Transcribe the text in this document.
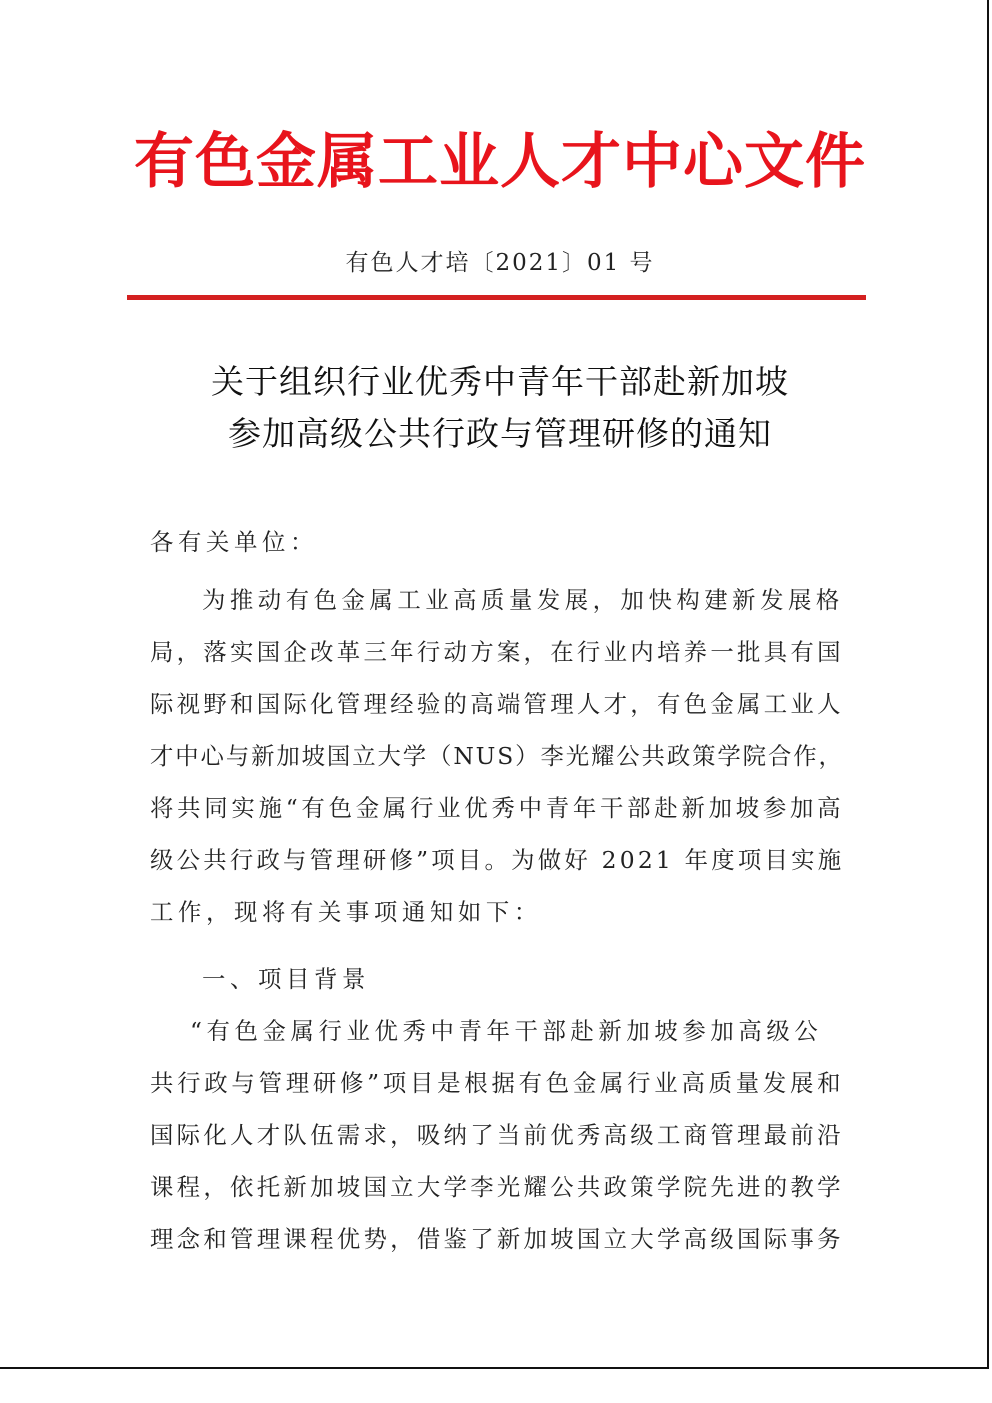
有色金属工业人才中心文件
有色人才培〔2021〕01 号
关于组织行业优秀中青年干部赴新加坡
参加高级公共行政与管理研修的通知
各有关单位：
为推动有色金属工业高质量发展，加快构建新发展格
局，落实国企改革三年行动方案，在行业内培养一批具有国
际视野和国际化管理经验的高端管理人才，有色金属工业人
才中心与新加坡国立大学（NUS）李光耀公共政策学院合作，
将共同实施“有色金属行业优秀中青年干部赴新加坡参加高
级公共行政与管理研修”项目。为做好 2021 年度项目实施
工作，现将有关事项通知如下：
一、项目背景
“有色金属行业优秀中青年干部赴新加坡参加高级公
共行政与管理研修”项目是根据有色金属行业高质量发展和
国际化人才队伍需求，吸纳了当前优秀高级工商管理最前沿
课程，依托新加坡国立大学李光耀公共政策学院先进的教学
理念和管理课程优势，借鉴了新加坡国立大学高级国际事务
